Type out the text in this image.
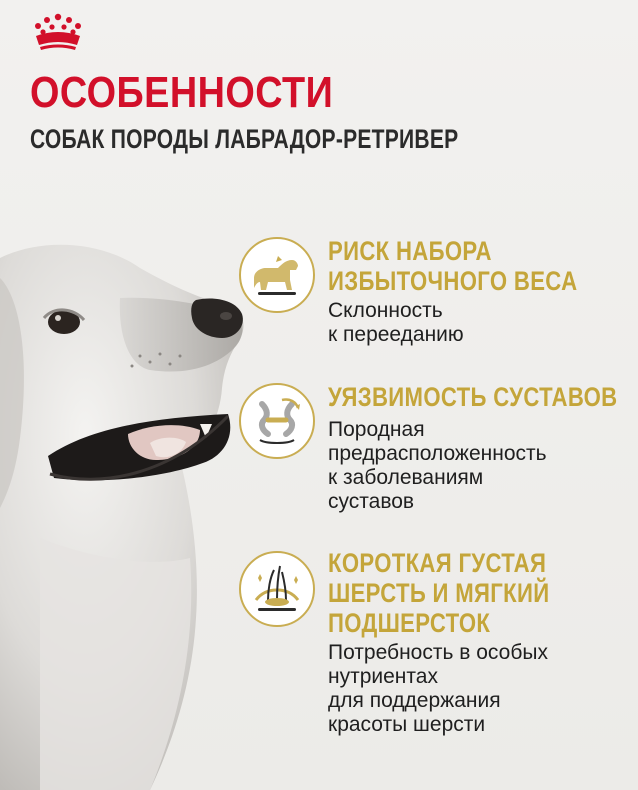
ОСОБЕННОСТИ
СОБАК ПОРОДЫ ЛАБРАДОР-РЕТРИВЕР
РИСК НАБОРА
ИЗБЫТОЧНОГО ВЕСА

Склонность
к перееданию

УЯЗВИМОСТЬ СУСТАВОВ

Породная
предрасположенность
к заболеваниям
суставов

КОРОТКАЯ ГУСТАЯ
ШЕРСТЬ И МЯГКИЙ
ПОДШЕРСТОК

Потребность в особых
нутриентах
для поддержания
красоты шерсти
